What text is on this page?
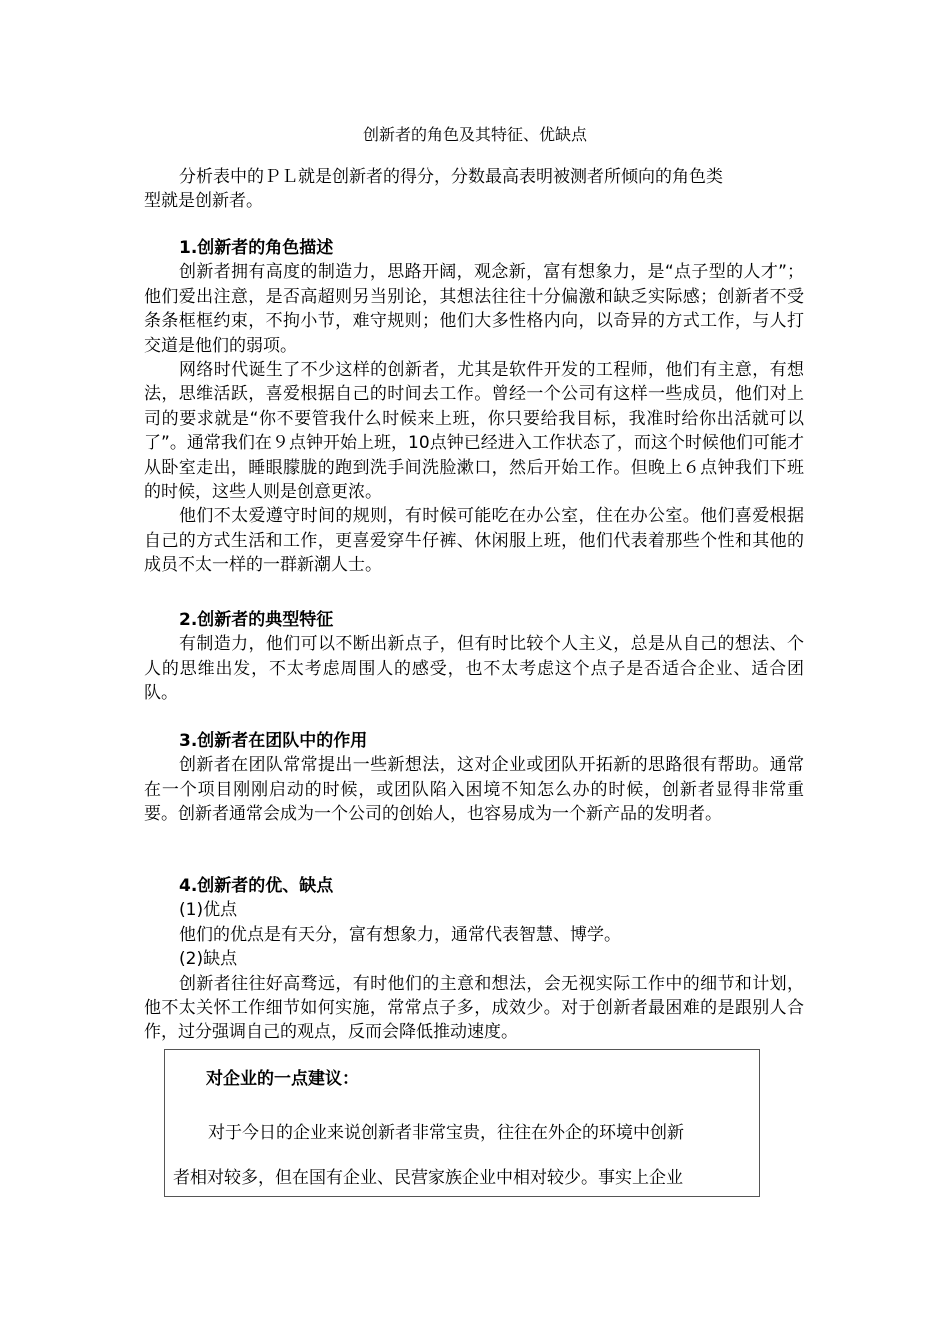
创新者的角色及其特征、优缺点

分析表中的ＰＬ就是创新者的得分，分数最高表明被测者所倾向的角色类

型就是创新者。

1.创新者的角色描述

创新者拥有高度的制造力，思路开阔，观念新，富有想象力，是“点子型的人才”；他们爱出注意，是否高超则另当别论，其想法往往十分偏激和缺乏实际感；创新者不受条条框框约束，不拘小节，难守规则；他们大多性格内向，以奇异的方式工作，与人打交道是他们的弱项。

网络时代诞生了不少这样的创新者，尤其是软件开发的工程师，他们有主意，有想法，思维活跃，喜爱根据自己的时间去工作。曾经一个公司有这样一些成员，他们对上司的要求就是“你不要管我什么时候来上班，你只要给我目标，我准时给你出活就可以了”。通常我们在９点钟开始上班，10点钟已经进入工作状态了，而这个时候他们可能才从卧室走出，睡眼朦胧的跑到洗手间洗脸漱口，然后开始工作。但晚上６点钟我们下班的时候，这些人则是创意更浓。

他们不太爱遵守时间的规则，有时候可能吃在办公室，住在办公室。他们喜爱根据自己的方式生活和工作，更喜爱穿牛仔裤、休闲服上班，他们代表着那些个性和其他的成员不太一样的一群新潮人士。

2.创新者的典型特征

有制造力，他们可以不断出新点子，但有时比较个人主义，总是从自己的想法、个人的思维出发，不太考虑周围人的感受，也不太考虑这个点子是否适合企业、适合团队。

3.创新者在团队中的作用

创新者在团队常常提出一些新想法，这对企业或团队开拓新的思路很有帮助。通常在一个项目刚刚启动的时候，或团队陷入困境不知怎么办的时候，创新者显得非常重要。创新者通常会成为一个公司的创始人，也容易成为一个新产品的发明者。

4.创新者的优、缺点

(1)优点

他们的优点是有天分，富有想象力，通常代表智慧、博学。

(2)缺点

创新者往往好高骛远，有时他们的主意和想法，会无视实际工作中的细节和计划，他不太关怀工作细节如何实施，常常点子多，成效少。对于创新者最困难的是跟别人合作，过分强调自己的观点，反而会降低推动速度。

对企业的一点建议：
对于今日的企业来说创新者非常宝贵，往往在外企的环境中创新
者相对较多，但在国有企业、民营家族企业中相对较少。事实上企业
